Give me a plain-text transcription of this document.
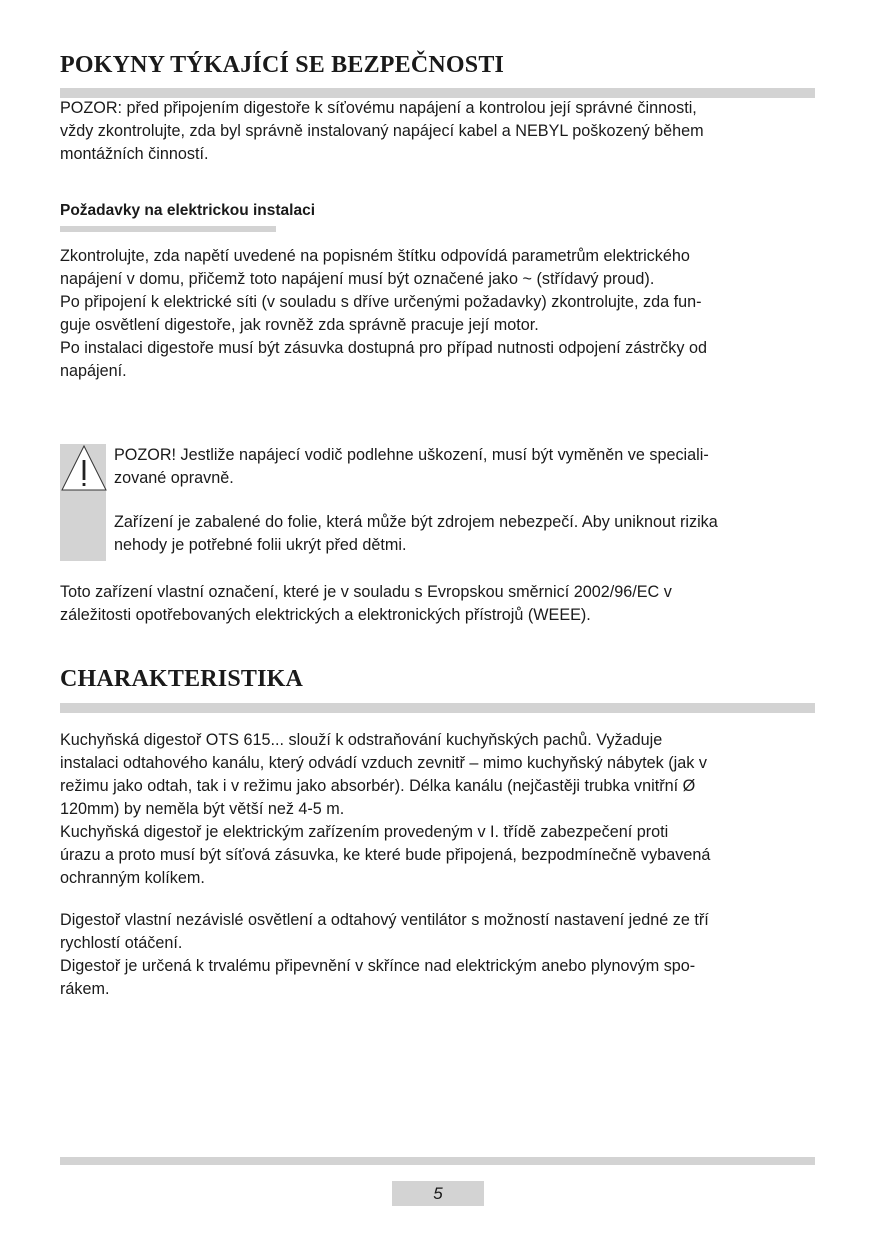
POKYNY TÝKAJÍCÍ SE BEZPEČNOSTI
POZOR: před připojením digestoře k síťovému napájení a kontrolou její správné činnosti,
vždy zkontrolujte, zda byl správně instalovaný napájecí kabel a NEBYL poškozený během
montážních činností.
Požadavky na elektrickou instalaci
Zkontrolujte, zda napětí uvedené na popisném štítku odpovídá parametrům elektrického
napájení v domu, přičemž toto napájení musí být označené jako ~ (střídavý proud).
Po připojení k elektrické síti (v souladu s dříve určenými požadavky) zkontrolujte, zda fun-
guje osvětlení digestoře, jak rovněž zda správně pracuje její motor.
Po instalaci digestoře musí být zásuvka dostupná pro případ nutnosti odpojení zástrčky od
napájení.
POZOR! Jestliže napájecí vodič podlehne uškození, musí být vyměněn ve speciali-
zované opravně.
Zařízení je zabalené do folie, která může být zdrojem nebezpečí. Aby uniknout rizika
nehody je potřebné folii ukrýt před dětmi.
Toto zařízení vlastní označení, které je v souladu s Evropskou směrnicí 2002/96/EC v
záležitosti opotřebovaných elektrických a elektronických přístrojů (WEEE).
CHARAKTERISTIKA
Kuchyňská digestoř OTS 615... slouží k odstraňování kuchyňských pachů. Vyžaduje
instalaci odtahového kanálu, který odvádí vzduch zevnitř – mimo kuchyňský nábytek (jak v
režimu jako odtah, tak i v režimu jako absorbér). Délka kanálu (nejčastěji trubka vnitřní Ø
120mm) by neměla být větší než 4-5 m.
Kuchyňská digestoř je elektrickým zařízením provedeným v I. třídě zabezpečení proti
úrazu a proto musí být síťová zásuvka, ke které bude připojená, bezpodmínečně vybavená
ochranným kolíkem.
Digestoř vlastní nezávislé osvětlení a odtahový ventilátor s možností nastavení jedné ze tří
rychlostí otáčení.
Digestoř je určená k trvalému připevnění v skřínce nad elektrickým anebo plynovým spo-
rákem.
5
